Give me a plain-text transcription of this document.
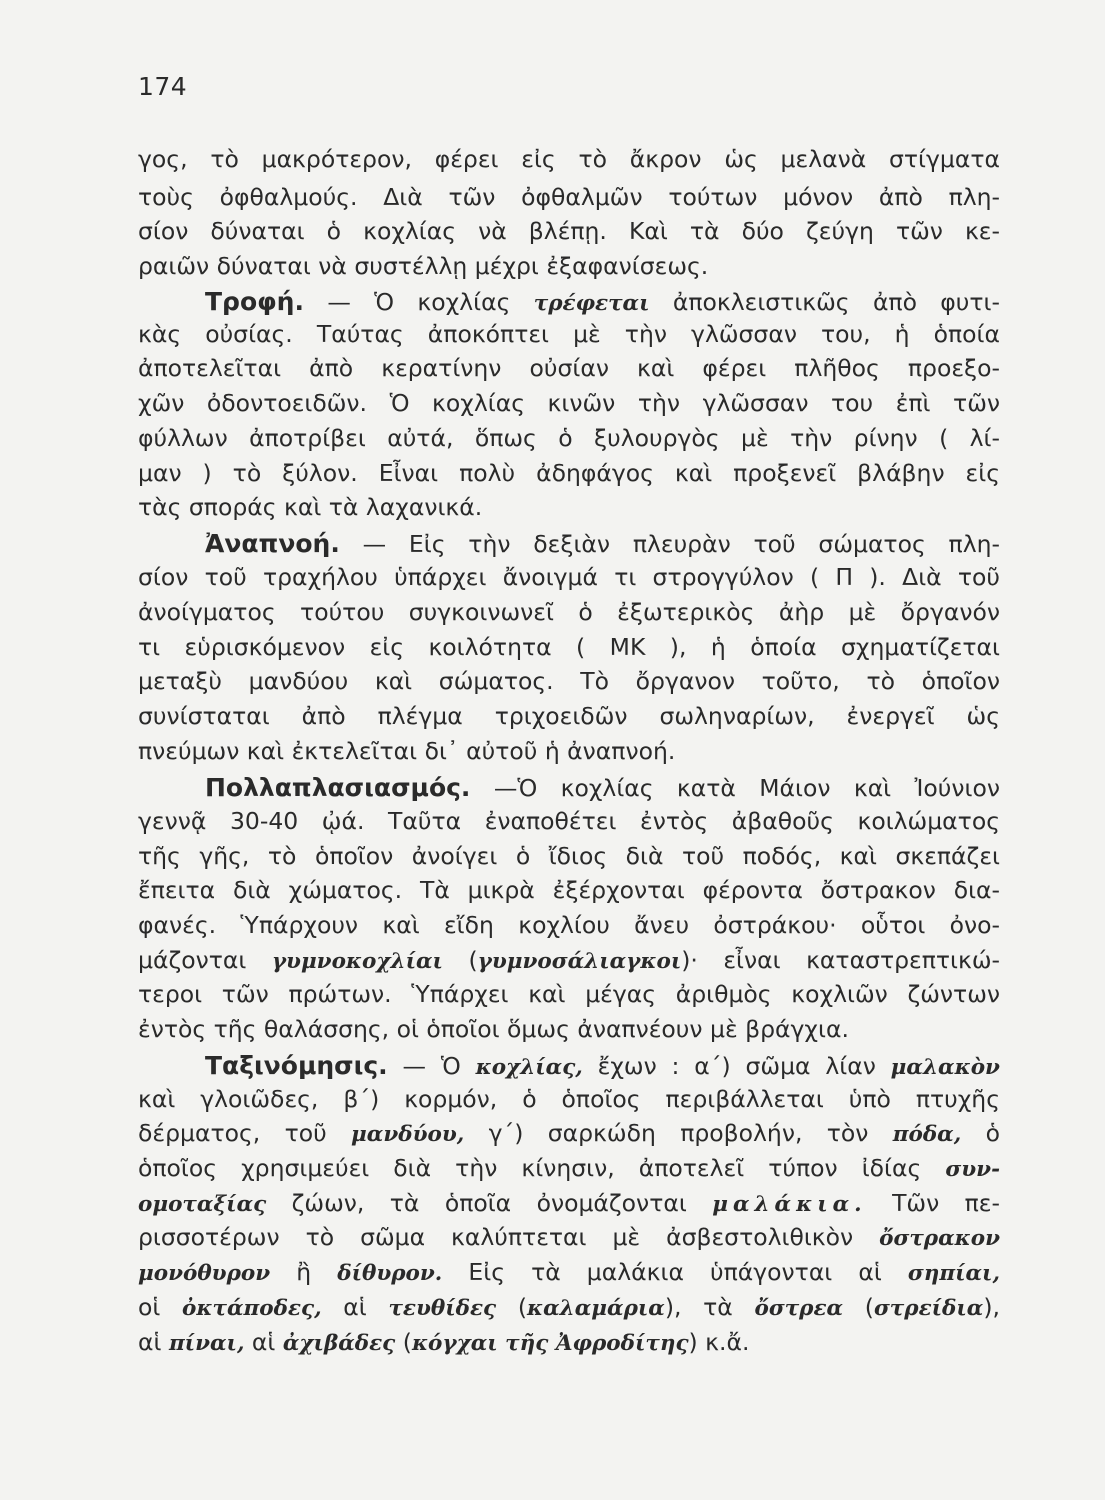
174
γος, τὸ μακρότερον, φέρει εἰς τὸ ἄκρον ὡς μελανὰ στίγματα
τοὺς ὀφθαλμούς. Διὰ τῶν ὀφθαλμῶν τούτων μόνον ἀπὸ πλη-
σίον δύναται ὁ κοχλίας νὰ βλέπῃ. Καὶ τὰ δύο ζεύγη τῶν κε-
ραιῶν δύναται νὰ συστέλλῃ μέχρι ἐξαφανίσεως.
Τροφή. — Ὁ κοχλίας τρέφεται ἀποκλειστικῶς ἀπὸ φυτι-
κὰς οὐσίας. Ταύτας ἀποκόπτει μὲ τὴν γλῶσσαν του, ἡ ὁποία
ἀποτελεῖται ἀπὸ κερατίνην οὐσίαν καὶ φέρει πλῆθος προεξο-
χῶν ὀδοντοειδῶν. Ὁ κοχλίας κινῶν τὴν γλῶσσαν του ἐπὶ τῶν
φύλλων ἀποτρίβει αὐτά, ὅπως ὁ ξυλουργὸς μὲ τὴν ρίνην ( λί-
μαν ) τὸ ξύλον. Εἶναι πολὺ ἀδηφάγος καὶ προξενεῖ βλάβην εἰς
τὰς σποράς καὶ τὰ λαχανικά.
Ἀναπνοή. — Εἰς τὴν δεξιὰν πλευρὰν τοῦ σώματος πλη-
σίον τοῦ τραχήλου ὑπάρχει ἄνοιγμά τι στρογγύλον ( Π ). Διὰ τοῦ
ἀνοίγματος τούτου συγκοινωνεῖ ὁ ἐξωτερικὸς ἀὴρ μὲ ὄργανόν
τι εὑρισκόμενον εἰς κοιλότητα ( ΜΚ ), ἡ ὁποία σχηματίζεται
μεταξὺ μανδύου καὶ σώματος. Τὸ ὄργανον τοῦτο, τὸ ὁποῖον
συνίσταται ἀπὸ πλέγμα τριχοειδῶν σωληναρίων, ἐνεργεῖ ὡς
πνεύμων καὶ ἐκτελεῖται δι᾽ αὐτοῦ ἡ ἀναπνοή.
Πολλαπλασιασμός. —Ὁ κοχλίας κατὰ Μάιον καὶ Ἰούνιον
γεννᾷ 30-40 ᾠά. Ταῦτα ἐναποθέτει ἐντὸς ἀβαθοῦς κοιλώματος
τῆς γῆς, τὸ ὁποῖον ἀνοίγει ὁ ἴδιος διὰ τοῦ ποδός, καὶ σκεπάζει
ἔπειτα διὰ χώματος. Τὰ μικρὰ ἐξέρχονται φέροντα ὄστρακον δια-
φανές. Ὑπάρχουν καὶ εἴδη κοχλίου ἄνευ ὀστράκου· οὗτοι ὀνο-
μάζονται γυμνοκοχλίαι (γυμνοσάλιαγκοι)· εἶναι καταστρεπτικώ-
τεροι τῶν πρώτων. Ὑπάρχει καὶ μέγας ἀριθμὸς κοχλιῶν ζώντων
ἐντὸς τῆς θαλάσσης, οἱ ὁποῖοι ὅμως ἀναπνέουν μὲ βράγχια.
Ταξινόμησις. — Ὁ κοχλίας, ἔχων : α΄) σῶμα λίαν μαλακὸν
καὶ γλοιῶδες, β΄) κορμόν, ὁ ὁποῖος περιβάλλεται ὑπὸ πτυχῆς
δέρματος, τοῦ μανδύου, γ΄) σαρκώδη προβολήν, τὸν πόδα, ὁ
ὁποῖος χρησιμεύει διὰ τὴν κίνησιν, ἀποτελεῖ τύπον ἰδίας συν-
ομοταξίας ζώων, τὰ ὁποῖα ὀνομάζονται μαλάκια. Τῶν πε-
ρισσοτέρων τὸ σῶμα καλύπτεται μὲ ἀσβεστολιθικὸν ὄστρακον
μονόθυρον ἢ δίθυρον. Εἰς τὰ μαλάκια ὑπάγονται αἱ σηπίαι,
οἱ ὀκτάποδες, αἱ τευθίδες (καλαμάρια), τὰ ὄστρεα (στρείδια),
αἱ πίναι, αἱ ἀχιβάδες (κόγχαι τῆς Ἀφροδίτης) κ.ἄ.
